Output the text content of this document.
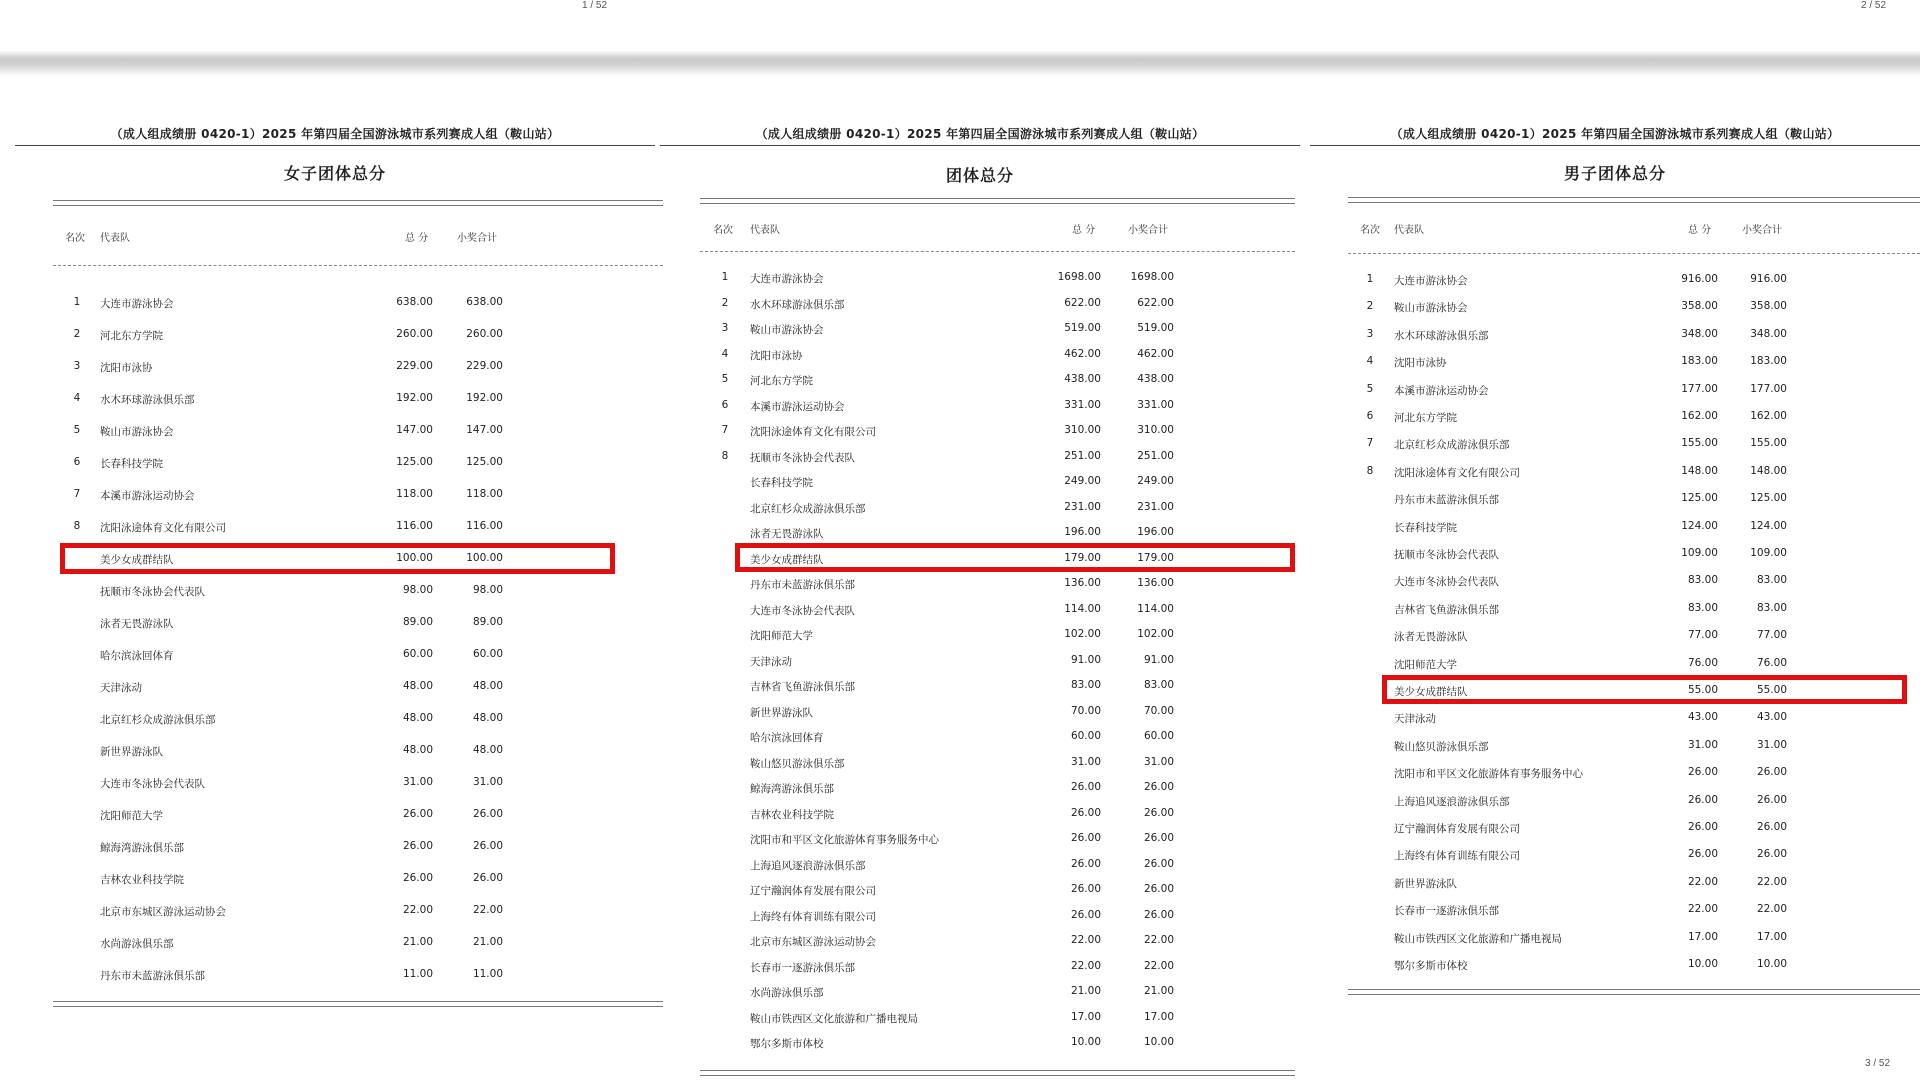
1 / 52	2 / 52
3 / 52
（成人组成绩册 0420-1）2025 年第四届全国游泳城市系列赛成人组（鞍山站）
女子团体总分
名次 代表队	总 分	小奖合计
1	大连市游泳协会	638.00	638.00
2	河北东方学院	260.00	260.00
3	沈阳市泳协	229.00	229.00
4	水木环球游泳俱乐部	192.00	192.00
5	鞍山市游泳协会	147.00	147.00
6	长春科技学院	125.00	125.00
7	本溪市游泳运动协会	118.00	118.00
8	沈阳泳途体育文化有限公司	116.00	116.00
美少女成群结队	100.00	100.00
抚顺市冬泳协会代表队	98.00	98.00
泳者无畏游泳队	89.00	89.00
哈尔滨泳回体育	60.00	60.00
天津泳动	48.00	48.00
北京红杉众成游泳俱乐部	48.00	48.00
新世界游泳队	48.00	48.00
大连市冬泳协会代表队	31.00	31.00
沈阳师范大学	26.00	26.00
鲸海湾游泳俱乐部	26.00	26.00
吉林农业科技学院	26.00	26.00
北京市东城区游泳运动协会	22.00	22.00
水尚游泳俱乐部	21.00	21.00
丹东市未蓝游泳俱乐部	11.00	11.00
（成人组成绩册 0420-1）2025 年第四届全国游泳城市系列赛成人组（鞍山站）
团体总分
名次 代表队	总 分	小奖合计
1	大连市游泳协会	1698.00	1698.00
2	水木环球游泳俱乐部	622.00	622.00
3	鞍山市游泳协会	519.00	519.00
4	沈阳市泳协	462.00	462.00
5	河北东方学院	438.00	438.00
6	本溪市游泳运动协会	331.00	331.00
7	沈阳泳途体育文化有限公司	310.00	310.00
8	抚顺市冬泳协会代表队	251.00	251.00
长春科技学院	249.00	249.00
北京红杉众成游泳俱乐部	231.00	231.00
泳者无畏游泳队	196.00	196.00
美少女成群结队	179.00	179.00
丹东市未蓝游泳俱乐部	136.00	136.00
大连市冬泳协会代表队	114.00	114.00
沈阳师范大学	102.00	102.00
天津泳动	91.00	91.00
吉林省飞鱼游泳俱乐部	83.00	83.00
新世界游泳队	70.00	70.00
哈尔滨泳回体育	60.00	60.00
鞍山悠贝游泳俱乐部	31.00	31.00
鲸海湾游泳俱乐部	26.00	26.00
吉林农业科技学院	26.00	26.00
沈阳市和平区文化旅游体育事务服务中心	26.00	26.00
上海追风逐浪游泳俱乐部	26.00	26.00
辽宁瀚润体育发展有限公司	26.00	26.00
上海终有体育训练有限公司	26.00	26.00
北京市东城区游泳运动协会	22.00	22.00
长春市一逐游泳俱乐部	22.00	22.00
水尚游泳俱乐部	21.00	21.00
鞍山市铁西区文化旅游和广播电视局	17.00	17.00
鄂尔多斯市体校	10.00	10.00
（成人组成绩册 0420-1）2025 年第四届全国游泳城市系列赛成人组（鞍山站）
男子团体总分
名次 代表队	总 分	小奖合计
1	大连市游泳协会	916.00	916.00
2	鞍山市游泳协会	358.00	358.00
3	水木环球游泳俱乐部	348.00	348.00
4	沈阳市泳协	183.00	183.00
5	本溪市游泳运动协会	177.00	177.00
6	河北东方学院	162.00	162.00
7	北京红杉众成游泳俱乐部	155.00	155.00
8	沈阳泳途体育文化有限公司	148.00	148.00
丹东市未蓝游泳俱乐部	125.00	125.00
长春科技学院	124.00	124.00
抚顺市冬泳协会代表队	109.00	109.00
大连市冬泳协会代表队	83.00	83.00
吉林省飞鱼游泳俱乐部	83.00	83.00
泳者无畏游泳队	77.00	77.00
沈阳师范大学	76.00	76.00
美少女成群结队	55.00	55.00
天津泳动	43.00	43.00
鞍山悠贝游泳俱乐部	31.00	31.00
沈阳市和平区文化旅游体育事务服务中心	26.00	26.00
上海追风逐浪游泳俱乐部	26.00	26.00
辽宁瀚润体育发展有限公司	26.00	26.00
上海终有体育训练有限公司	26.00	26.00
新世界游泳队	22.00	22.00
长春市一逐游泳俱乐部	22.00	22.00
鞍山市铁西区文化旅游和广播电视局	17.00	17.00
鄂尔多斯市体校	10.00	10.00
